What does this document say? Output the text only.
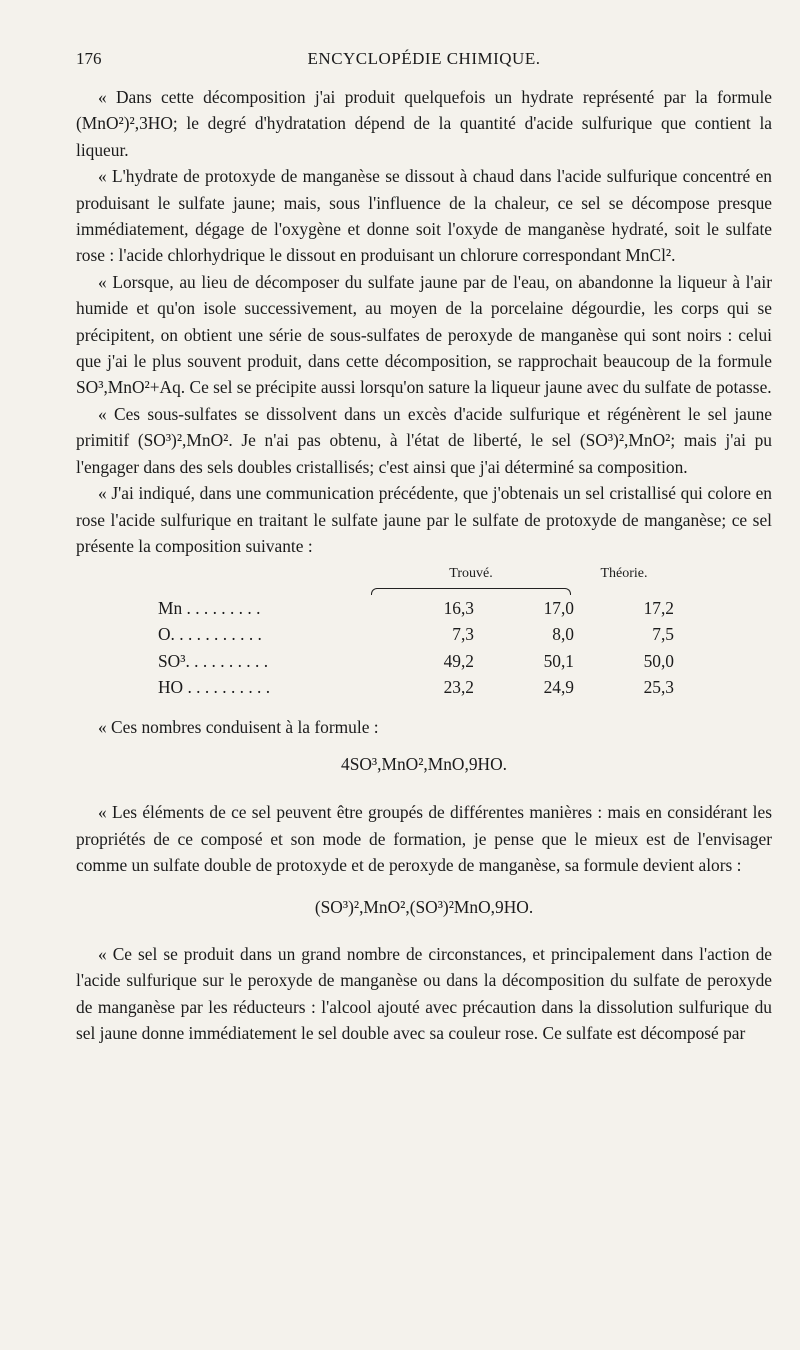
176	ENCYCLOPÉDIE CHIMIQUE.

« Dans cette décomposition j'ai produit quelquefois un hydrate représenté par la formule (MnO²)²,3HO; le degré d'hydratation dépend de la quantité d'acide sulfurique que contient la liqueur.

« L'hydrate de protoxyde de manganèse se dissout à chaud dans l'acide sulfurique concentré en produisant le sulfate jaune; mais, sous l'influence de la chaleur, ce sel se décompose presque immédiatement, dégage de l'oxygène et donne soit l'oxyde de manganèse hydraté, soit le sulfate rose : l'acide chlorhydrique le dissout en produisant un chlorure correspondant MnCl².

« Lorsque, au lieu de décomposer du sulfate jaune par de l'eau, on abandonne la liqueur à l'air humide et qu'on isole successivement, au moyen de la porcelaine dégourdie, les corps qui se précipitent, on obtient une série de sous-sulfates de peroxyde de manganèse qui sont noirs : celui que j'ai le plus souvent produit, dans cette décomposition, se rapprochait beaucoup de la formule SO³,MnO²+Aq. Ce sel se précipite aussi lorsqu'on sature la liqueur jaune avec du sulfate de potasse.

« Ces sous-sulfates se dissolvent dans un excès d'acide sulfurique et régénèrent le sel jaune primitif (SO³)²,MnO². Je n'ai pas obtenu, à l'état de liberté, le sel (SO³)²,MnO²; mais j'ai pu l'engager dans des sels doubles cristallisés; c'est ainsi que j'ai déterminé sa composition.

« J'ai indiqué, dans une communication précédente, que j'obtenais un sel cristallisé qui colore en rose l'acide sulfurique en traitant le sulfate jaune par le sulfate de protoxyde de manganèse; ce sel présente la composition suivante :

	Trouvé.		Théorie.
Mn . . . . . . . . .	16,3	17,0	17,2
O. . . . . . . . . . .	7,3	8,0	7,5
SO³. . . . . . . . . .	49,2	50,1	50,0
HO . . . . . . . . . .	23,2	24,9	25,3

« Ces nombres conduisent à la formule :

4SO³,MnO²,MnO,9HO.

« Les éléments de ce sel peuvent être groupés de différentes manières : mais en considérant les propriétés de ce composé et son mode de formation, je pense que le mieux est de l'envisager comme un sulfate double de protoxyde et de peroxyde de manganèse, sa formule devient alors :

(SO³)²,MnO²,(SO³)²MnO,9HO.

« Ce sel se produit dans un grand nombre de circonstances, et principalement dans l'action de l'acide sulfurique sur le peroxyde de manganèse ou dans la décomposition du sulfate de peroxyde de manganèse par les réducteurs : l'alcool ajouté avec précaution dans la dissolution sulfurique du sel jaune donne immédiatement le sel double avec sa couleur rose. Ce sulfate est décomposé par
